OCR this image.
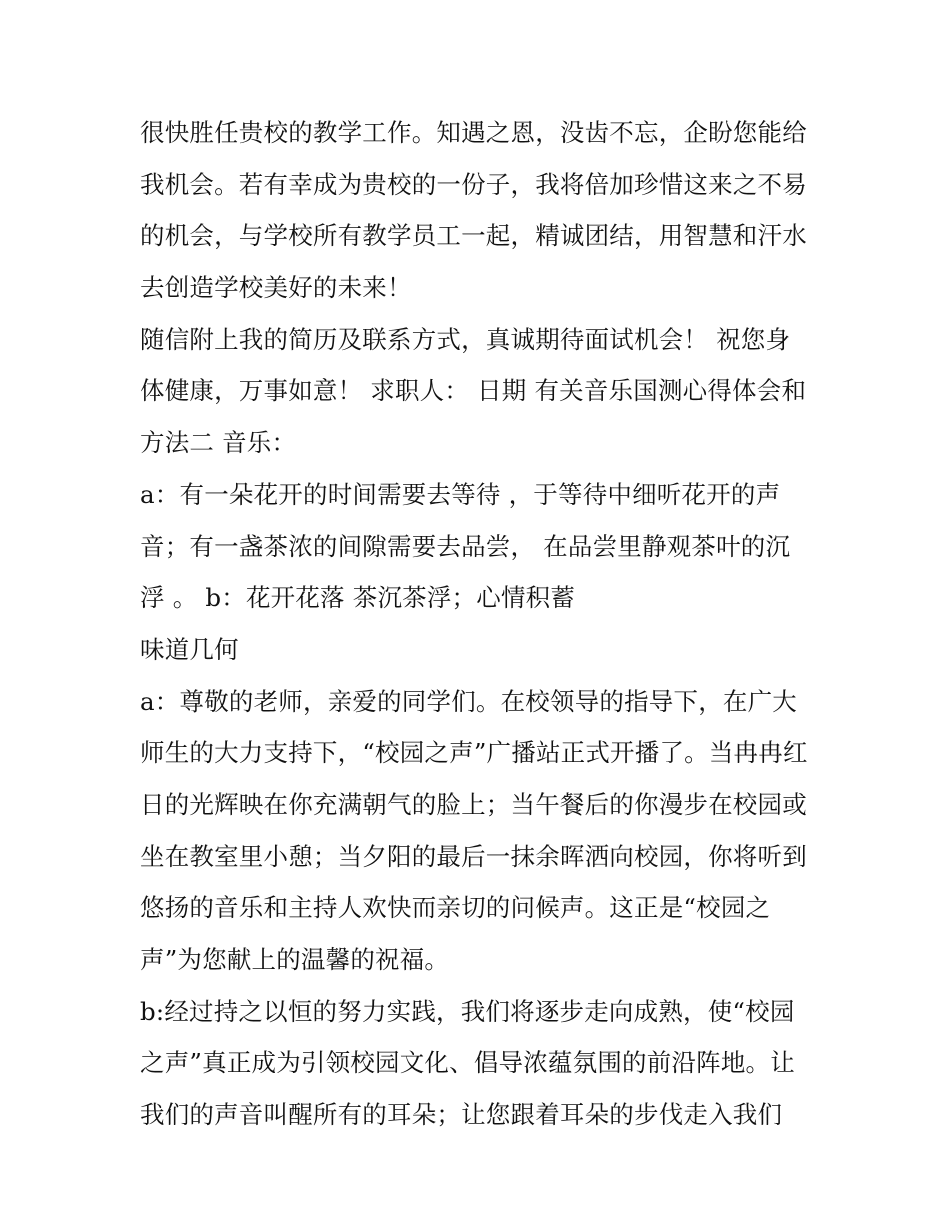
很快胜任贵校的教学工作。知遇之恩，没齿不忘，企盼您能给
我机会。若有幸成为贵校的一份子，我将倍加珍惜这来之不易
的机会，与学校所有教学员工一起，精诚团结，用智慧和汗水
去创造学校美好的未来！
随信附上我的简历及联系方式，真诚期待面试机会！ 祝您身
体健康，万事如意！ 求职人： 日期 有关音乐国测心得体会和
方法二 音乐：
a：有一朵花开的时间需要去等待 ，于等待中细听花开的声
音；有一盏茶浓的间隙需要去品尝， 在品尝里静观茶叶的沉
浮 。 b：花开花落 茶沉茶浮；心情积蓄
味道几何
a：尊敬的老师，亲爱的同学们。在校领导的指导下，在广大
师生的大力支持下，“校园之声”广播站正式开播了。当冉冉红
日的光辉映在你充满朝气的脸上；当午餐后的你漫步在校园或
坐在教室里小憩；当夕阳的最后一抹余晖洒向校园，你将听到
悠扬的音乐和主持人欢快而亲切的问候声。这正是“校园之
声”为您献上的温馨的祝福。
b:经过持之以恒的努力实践，我们将逐步走向成熟，使“校园
之声”真正成为引领校园文化、倡导浓蕴氛围的前沿阵地。让
我们的声音叫醒所有的耳朵；让您跟着耳朵的步伐走入我们
